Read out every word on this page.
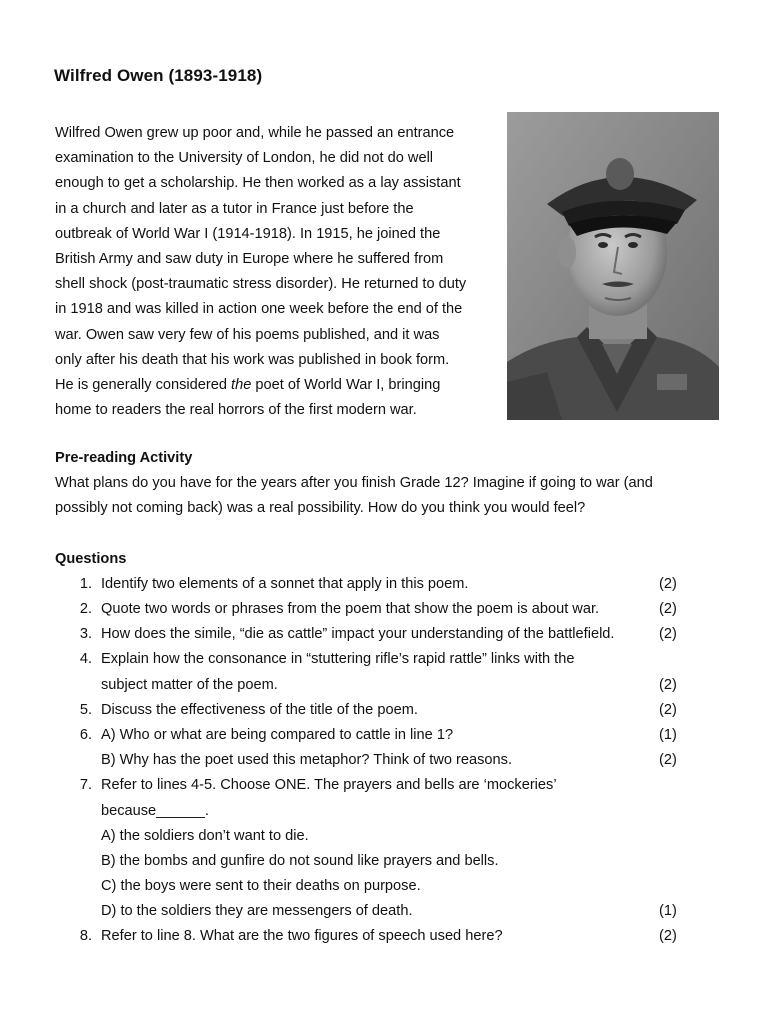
Wilfred Owen (1893-1918)

Wilfred Owen grew up poor and, while he passed an entrance
examination to the University of London, he did not do well
enough to get a scholarship. He then worked as a lay assistant
in a church and later as a tutor in France just before the
outbreak of World War I (1914-1918). In 1915, he joined the
British Army and saw duty in Europe where he suffered from
shell shock (post-traumatic stress disorder). He returned to duty
in 1918 and was killed in action one week before the end of the
war. Owen saw very few of his poems published, and it was
only after his death that his work was published in book form.
He is generally considered the poet of World War I, bringing
home to readers the real horrors of the first modern war.

Pre-reading Activity

What plans do you have for the years after you finish Grade 12? Imagine if going to war (and
possibly not coming back) was a real possibility. How do you think you would feel?

Questions
1. Identify two elements of a sonnet that apply in this poem.	(2)
2. Quote two words or phrases from the poem that show the poem is about war.	(2)
3. How does the simile, “die as cattle” impact your understanding of the battlefield.	(2)
4. Explain how the consonance in “stuttering rifle’s rapid rattle” links with the
subject matter of the poem.	(2)
5. Discuss the effectiveness of the title of the poem.	(2)
6. A) Who or what are being compared to cattle in line 1?	(1)
B) Why has the poet used this metaphor? Think of two reasons.	(2)
7. Refer to lines 4-5. Choose ONE. The prayers and bells are ‘mockeries’
because______.
A) the soldiers don’t want to die.
B) the bombs and gunfire do not sound like prayers and bells.
C) the boys were sent to their deaths on purpose.
D) to the soldiers they are messengers of death.	(1)
8. Refer to line 8. What are the two figures of speech used here?	(2)
